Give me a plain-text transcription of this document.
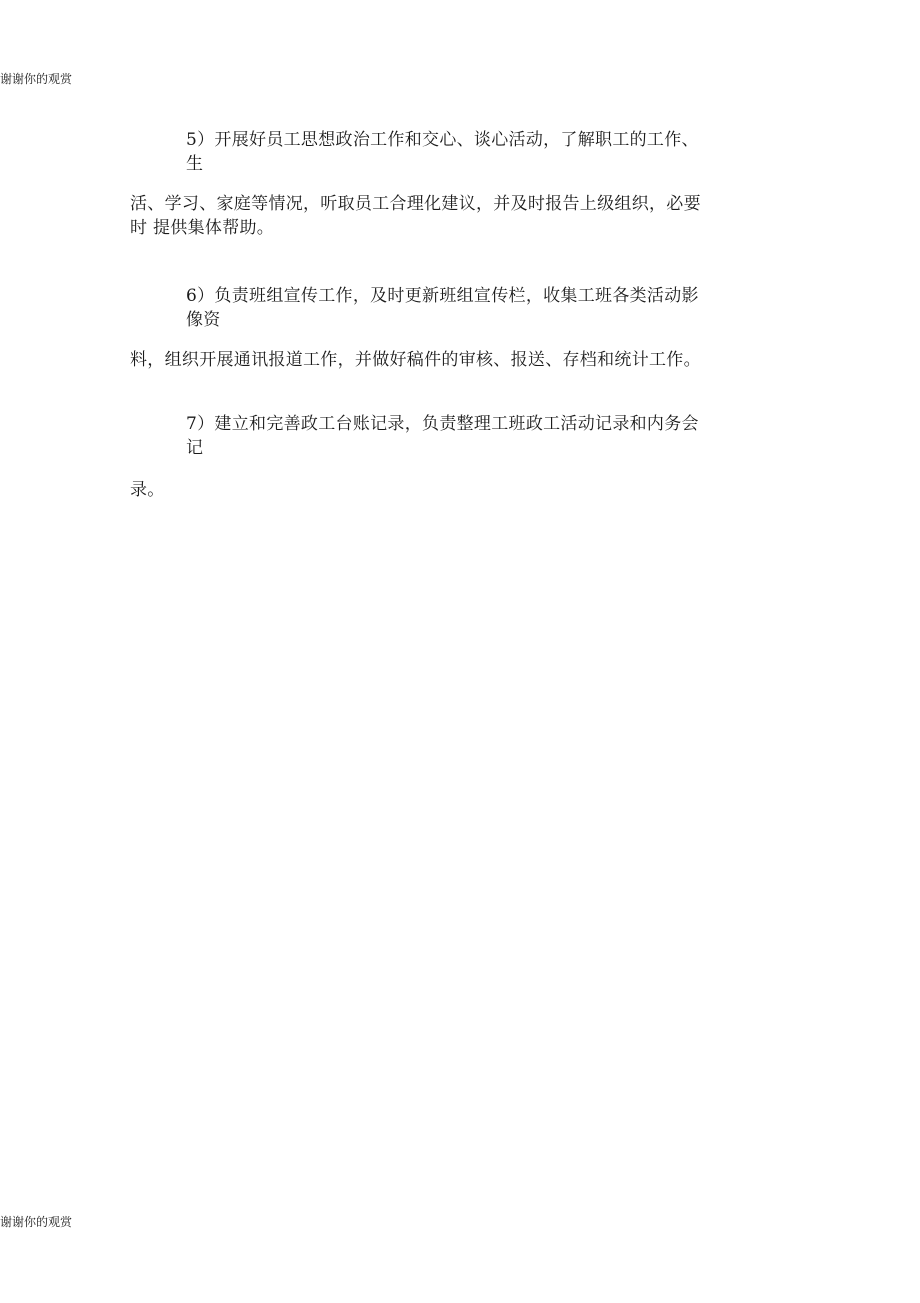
谢谢你的观赏
5）开展好员工思想政治工作和交心、谈心活动，了解职工的工作、
生
活、学习、家庭等情况，听取员工合理化建议，并及时报告上级组织，必要
时 提供集体帮助。
6）负责班组宣传工作，及时更新班组宣传栏，收集工班各类活动影
像资
料，组织开展通讯报道工作，并做好稿件的审核、报送、存档和统计工作。
7）建立和完善政工台账记录，负责整理工班政工活动记录和内务会
记
录。
谢谢你的观赏
